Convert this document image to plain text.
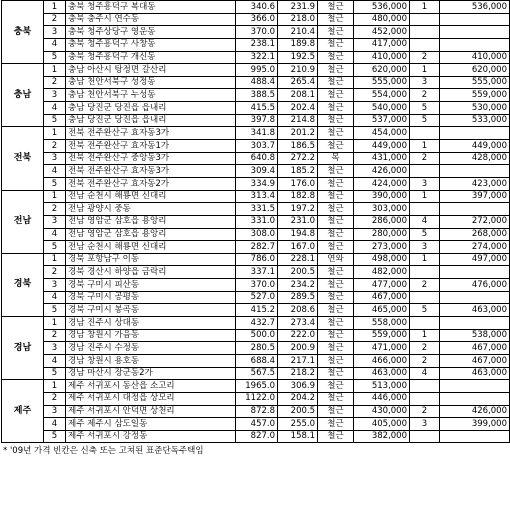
충북	1	충북 청주흥덕구 복대동	340.6	231.9	철근	536,000	1	536,000
	2	충북 충주시 연수동	366.0	218.0	철근	480,000		
	3	충북 청주상당구 영운동	370.0	210.4	철근	452,000		
	4	충북 청주흥덕구 사창동	238.1	189.8	철근	417,000		
	5	충북 청주흥덕구 개신동	322.1	192.5	철근	410,000	2	410,000
충남	1	충남 아산시 탕정면 갈산리	995.0	210.9	철근	620,000	1	620,000
	2	충남 천안서북구 성정동	488.4	265.4	철근	555,000	3	555,000
	3	충남 천안서북구 누성동	388.5	208.1	철근	554,000	2	559,000
	4	충남 당진군 당진읍 읍내리	415.5	202.4	철근	540,000	5	530,000
	5	충남 당진군 당진읍 읍내리	397.8	214.8	철근	537,000	5	533,000
전북	1	전북 전주완산구 효자동3가	341.8	201.2	철근	454,000		
	2	전북 전주완산구 효자동1가	303.7	186.5	철근	449,000	1	449,000
	3	전북 전주완산구 중앙동3가	640.8	272.2	목	431,000	2	428,000
	4	전북 전주완산구 효자동3가	309.4	185.2	철근	426,000		
	5	전북 전주완산구 효자동2가	334.9	176.0	철근	424,000	3	423,000
전남	1	전남 순천시 해룡면 신대리	313.4	182.8	철근	390,000	1	397,000
	2	전남 광양시 중동	331.5	197.2	철근	303,000		
	3	전남 영암군 삼호읍 용앙리	331.0	231.0	철근	286,000	4	272,000
	4	전남 영암군 삼호읍 용앙리	308.0	194.8	철근	280,000	5	268,000
	5	전남 순천시 해룡면 신대리	282.7	167.0	철근	273,000	3	274,000
경북	1	경북 포항남구 이동	786.0	228.1	연와	498,000	1	497,000
	2	경북 경산시 하양읍 금락리	337.1	200.5	철근	482,000		
	3	경북 구미시 피산동	370.0	234.2	철근	477,000	2	476,000
	4	경북 구미시 공평동	527.0	289.5	철근	467,000		
	5	경북 구미시 봉곡동	415.2	208.6	철근	465,000	5	463,000
경남	1	경남 진주시 상대동	432.7	273.4	철근	558,000		
	2	경남 창원시 가음동	500.0	222.0	철근	559,000	1	538,000
	3	경남 진주시 수정동	280.5	200.9	철근	471,000	2	467,000
	4	경남 창원시 용호동	688.4	217.1	철근	466,000	2	467,000
	5	경남 마산시 장군동2가	567.5	218.2	철근	463,000	4	463,000
제주	1	제주 서귀포시 동산읍 소고리	1965.0	306.9	철근	513,000		
	2	제주 서귀포시 대정읍 상모리	1122.0	204.2	철근	446,000		
	3	제주 서귀포시 안덕면 상천리	872.8	200.5	철근	430,000	2	426,000
	4	제주 제주시 삼도일동	457.0	255.0	철근	405,000	3	399,000
	5	제주 서귀포시 강정동	827.0	158.1	철근	382,000		
* '09년 가격 빈칸은 신축 또는 고쳐된 표준단독주택임
